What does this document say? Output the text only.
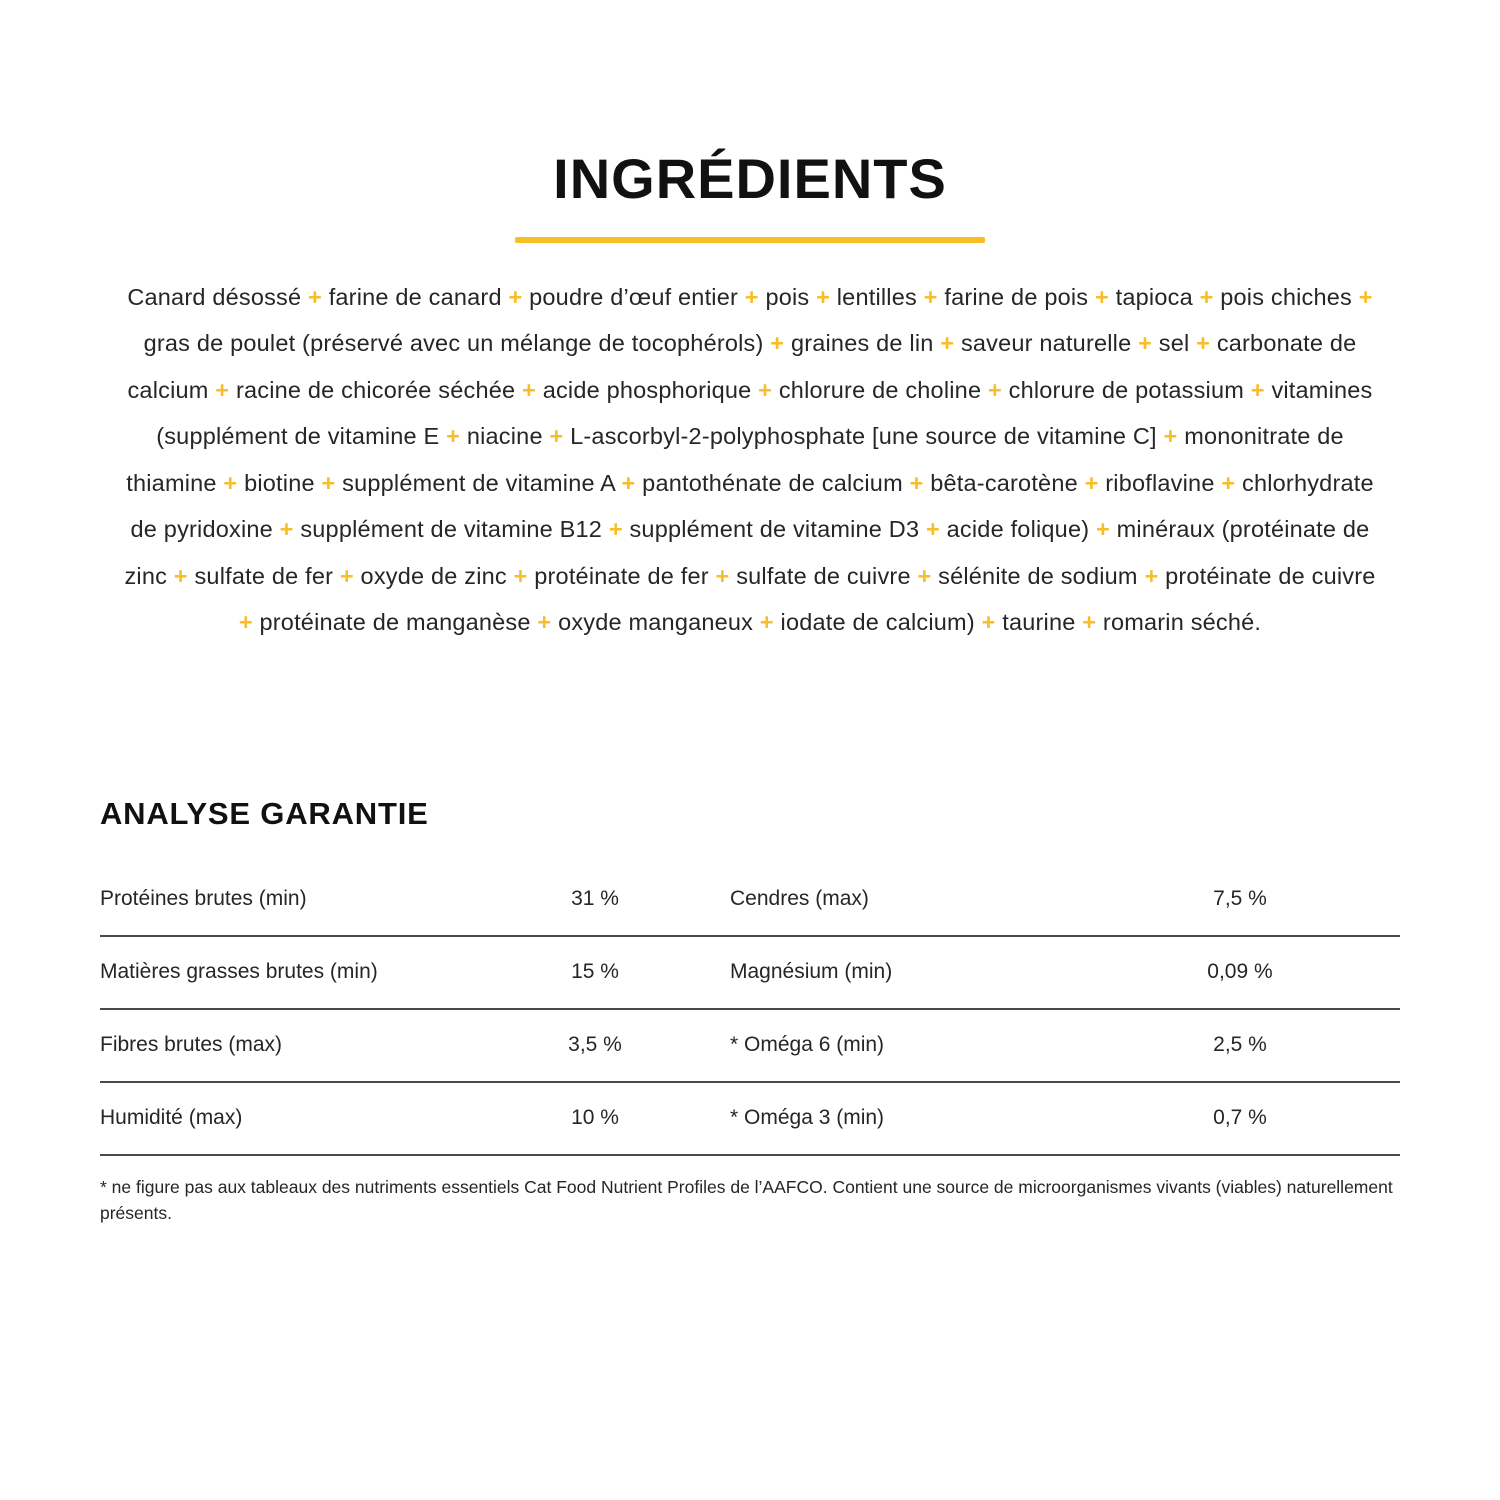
INGRÉDIENTS

Canard désossé + farine de canard + poudre d’œuf entier + pois + lentilles + farine de pois + tapioca + pois chiches + gras de poulet (préservé avec un mélange de tocophérols) + graines de lin + saveur naturelle + sel + carbonate de calcium + racine de chicorée séchée + acide phosphorique + chlorure de choline + chlorure de potassium + vitamines (supplément de vitamine E + niacine + L-ascorbyl-2-polyphosphate [une source de vitamine C] + mononitrate de thiamine + biotine + supplément de vitamine A + pantothénate de calcium + bêta-carotène + riboflavine + chlorhydrate de pyridoxine + supplément de vitamine B12 + supplément de vitamine D3 + acide folique) + minéraux (protéinate de zinc + sulfate de fer + oxyde de zinc + protéinate de fer + sulfate de cuivre + sélénite de sodium + protéinate de cuivre + protéinate de manganèse + oxyde manganeux + iodate de calcium) + taurine + romarin séché.

ANALYSE GARANTIE
Protéines brutes (min)	31 %	Cendres (max)	7,5 %
Matières grasses brutes (min)	15 %	Magnésium (min)	0,09 %
Fibres brutes (max)	3,5 %	* Oméga 6 (min)	2,5 %
Humidité (max)	10 %	* Oméga 3 (min)	0,7 %

* ne figure pas aux tableaux des nutriments essentiels Cat Food Nutrient Profiles de l’AAFCO. Contient une source de microorganismes vivants (viables) naturellement présents.
